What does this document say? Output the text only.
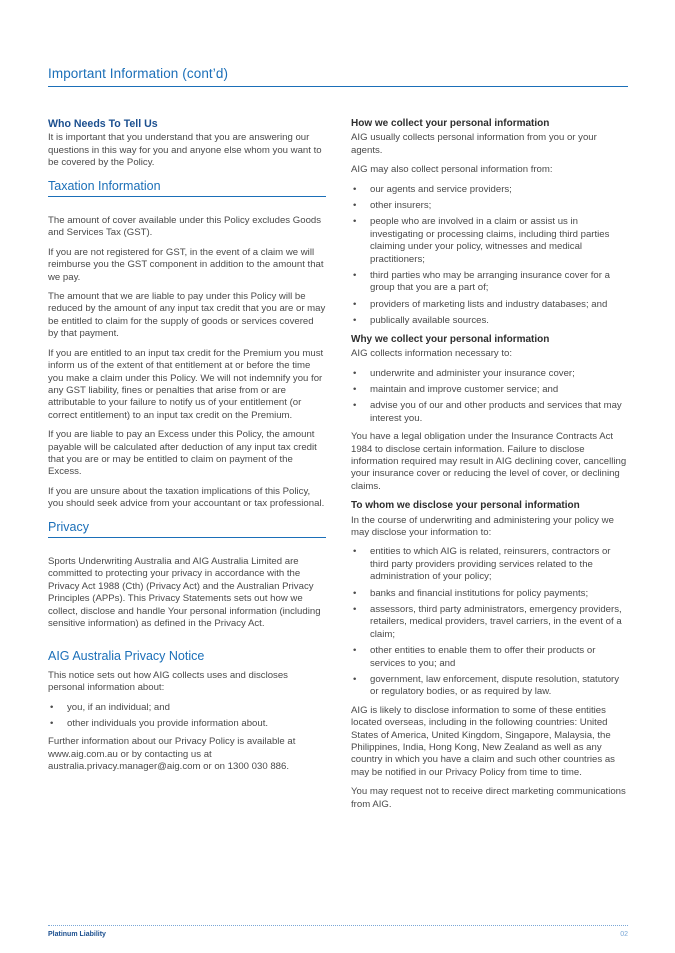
Important Information (cont’d)
Who Needs To Tell Us

It is important that you understand that you are answering our questions in this way for you and anyone else whom you want to be covered by the Policy.

Taxation Information

The amount of cover available under this Policy excludes Goods and Services Tax (GST).

If you are not registered for GST, in the event of a claim we will reimburse you the GST component in addition to the amount that we pay.

The amount that we are liable to pay under this Policy will be reduced by the amount of any input tax credit that you are or may be entitled to claim for the supply of goods or services covered by that payment.

If you are entitled to an input tax credit for the Premium you must inform us of the extent of that entitlement at or before the time you make a claim under this Policy. We will not indemnify you for any GST liability, fines or penalties that arise from or are attributable to your failure to notify us of your entitlement (or correct entitlement) to an input tax credit on the Premium.

If you are liable to pay an Excess under this Policy, the amount payable will be calculated after deduction of any input tax credit that you are or may be entitled to claim on payment of the Excess.

If you are unsure about the taxation implications of this Policy, you should seek advice from your accountant or tax professional.

Privacy

Sports Underwriting Australia and AIG Australia Limited are committed to protecting your privacy in accordance with the Privacy Act 1988 (Cth) (Privacy Act) and the Australian Privacy Principles (APPs). This Privacy Statements sets out how we collect, disclose and handle Your personal information (including sensitive information) as defined in the Privacy Act.

AIG Australia Privacy Notice

This notice sets out how AIG collects uses and discloses personal information about:

• you, if an individual; and
• other individuals you provide information about.

Further information about our Privacy Policy is available at www.aig.com.au or by contacting us at australia.privacy.manager@aig.com or on 1300 030 886.

How we collect your personal information

AIG usually collects personal information from you or your agents.

AIG may also collect personal information from:

• our agents and service providers;
• other insurers;
• people who are involved in a claim or assist us in investigating or processing claims, including third parties claiming under your policy, witnesses and medical practitioners;
• third parties who may be arranging insurance cover for a group that you are a part of;
• providers of marketing lists and industry databases; and
• publically available sources.
Why we collect your personal information

AIG collects information necessary to:

• underwrite and administer your insurance cover;
• maintain and improve customer service; and
• advise you of our and other products and services that may interest you.

You have a legal obligation under the Insurance Contracts Act 1984 to disclose certain information. Failure to disclose information required may result in AIG declining cover, cancelling your insurance cover or reducing the level of cover, or declining claims.

To whom we disclose your personal information

In the course of underwriting and administering your policy we may disclose your information to:

• entities to which AIG is related, reinsurers, contractors or third party providers providing services related to the administration of your policy;
• banks and financial institutions for policy payments;
• assessors, third party administrators, emergency providers, retailers, medical providers, travel carriers, in the event of a claim;
• other entities to enable them to offer their products or services to you; and
• government, law enforcement, dispute resolution, statutory or regulatory bodies, or as required by law.

AIG is likely to disclose information to some of these entities located overseas, including in the following countries: United States of America, United Kingdom, Singapore, Malaysia, the Philippines, India, Hong Kong, New Zealand as well as any country in which you have a claim and such other countries as may be notified in our Privacy Policy from time to time.

You may request not to receive direct marketing communications from AIG.

Platinum Liability	02
